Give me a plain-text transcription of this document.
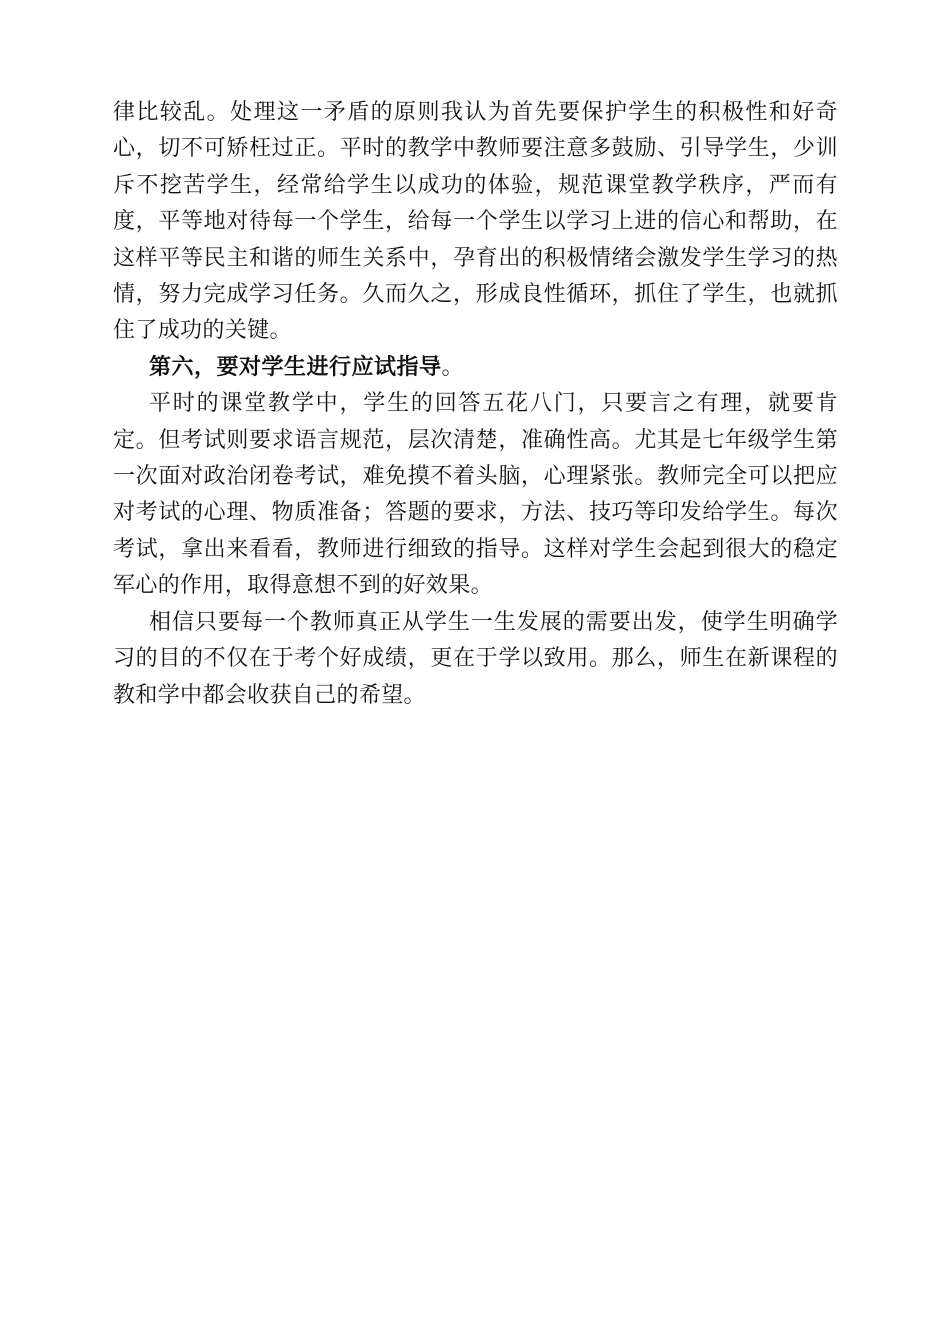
律比较乱。处理这一矛盾的原则我认为首先要保护学生的积极性和好奇心，切不可矫枉过正。平时的教学中教师要注意多鼓励、引导学生，少训斥不挖苦学生，经常给学生以成功的体验，规范课堂教学秩序，严而有度，平等地对待每一个学生，给每一个学生以学习上进的信心和帮助，在这样平等民主和谐的师生关系中，孕育出的积极情绪会激发学生学习的热情，努力完成学习任务。久而久之，形成良性循环，抓住了学生，也就抓住了成功的关键。

第六，要对学生进行应试指导。

平时的课堂教学中，学生的回答五花八门，只要言之有理，就要肯定。但考试则要求语言规范，层次清楚，准确性高。尤其是七年级学生第一次面对政治闭卷考试，难免摸不着头脑，心理紧张。教师完全可以把应对考试的心理、物质准备；答题的要求，方法、技巧等印发给学生。每次考试，拿出来看看，教师进行细致的指导。这样对学生会起到很大的稳定军心的作用，取得意想不到的好效果。

相信只要每一个教师真正从学生一生发展的需要出发，使学生明确学习的目的不仅在于考个好成绩，更在于学以致用。那么，师生在新课程的教和学中都会收获自己的希望。
